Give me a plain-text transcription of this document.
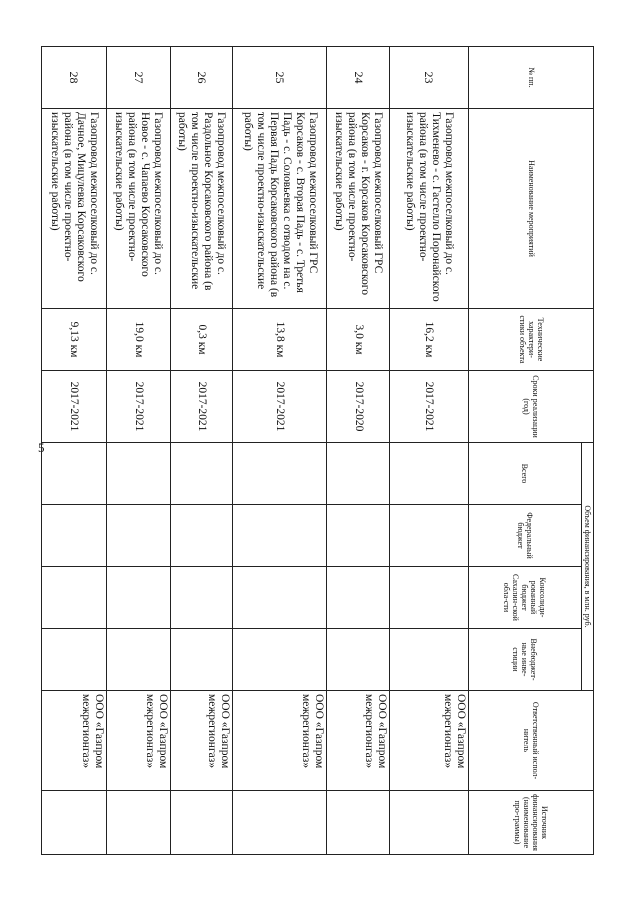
5
№ пп.	Наименование мероприятий	Технические характери-стики объекта	Сроки реализации (год)	Объем финансирования, в млн. руб.				Ответственный испол-нитель	Источник финансирования (наименование про-граммы)
				Всего	Федеральный бюджет	Консолиди-рованный бюджет Сахалин-ской обла-сти	Внебюджет-ные инве-стиции		
23	Газопровод межпоселковый до с. Тихменево - с. Гастелло Поронайского района (в том числе проектно-изыскательские работы)	16,2 км	2017-2021					ООО «Газпром межрегионгаз»	
24	Газопровод межпоселковый ГРС Корсаков - г. Корсаков Корсаковского района (в том числе проектно-изыскательские работы)	3,0 км	2017-2020					ООО «Газпром межрегионгаз»	
25	Газопровод межпоселковый ГРС Корсаков - с. Вторая Падь - с. Третья Падь - с. Соловьевка с отводом на с. Первая Падь Корсаковского района (в том числе проектно-изыскательские работы)	13,8 км	2017-2021					ООО «Газпром межрегионгаз»	
26	Газопровод межпоселковый до с. Раздольное Корсаковского района (в том числе проектно-изыскательские работы)	0,3 км	2017-2021					ООО «Газпром межрегионгаз»	
27	Газопровод межпоселковый до с. Новое - с. Чапаево Корсаковского района (в том числе проектно-изыскательские работы)	19,0 км	2017-2021					ООО «Газпром межрегионгаз»	
28	Газопровод межпоселковый до с. Дачное, Мицулевка Корсаковского района (в том числе проектно-изыскательские работы)	9,13 км	2017-2021					ООО «Газпром межрегионгаз»	
